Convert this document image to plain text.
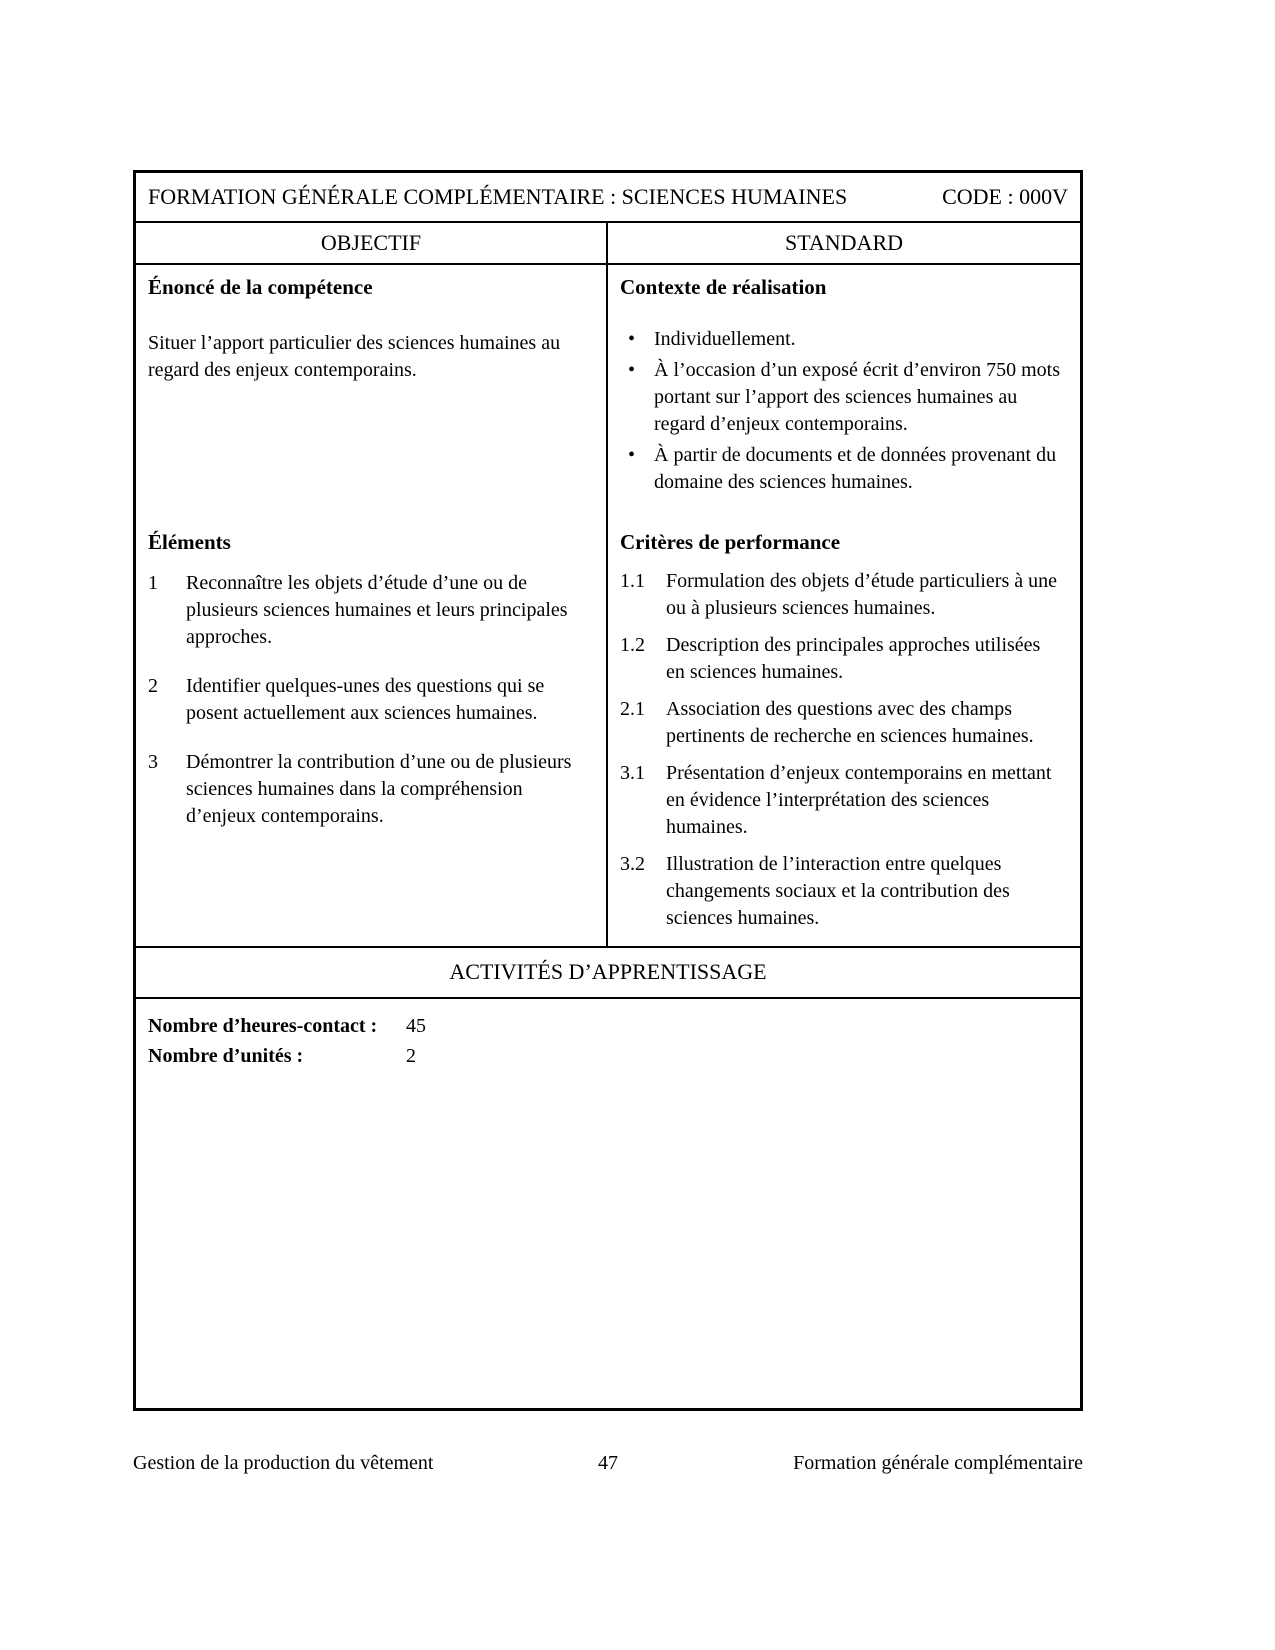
FORMATION GÉNÉRALE COMPLÉMENTAIRE : SCIENCES HUMAINES	CODE : 000V
OBJECTIF	STANDARD

Énoncé de la compétence

Situer l’apport particulier des sciences humaines au regard des enjeux contemporains.

Contexte de réalisation

• Individuellement.
• À l’occasion d’un exposé écrit d’environ 750 mots portant sur l’apport des sciences humaines au regard d’enjeux contemporains.
• À partir de documents et de données provenant du domaine des sciences humaines.

Éléments

1	Reconnaître les objets d’étude d’une ou de plusieurs sciences humaines et leurs principales approches.
2	Identifier quelques-unes des questions qui se posent actuellement aux sciences humaines.
3	Démontrer la contribution d’une ou de plusieurs sciences humaines dans la compréhension d’enjeux contemporains.

Critères de performance

1.1	Formulation des objets d’étude particuliers à une ou à plusieurs sciences humaines.
1.2	Description des principales approches utilisées en sciences humaines.
2.1	Association des questions avec des champs pertinents de recherche en sciences humaines.
3.1	Présentation d’enjeux contemporains en mettant en évidence l’interprétation des sciences humaines.
3.2	Illustration de l’interaction entre quelques changements sociaux et la contribution des sciences humaines.
ACTIVITÉS D’APPRENTISSAGE
Nombre d’heures-contact :	45
Nombre d’unités :	2
Gestion de la production du vêtement	47	Formation générale complémentaire
